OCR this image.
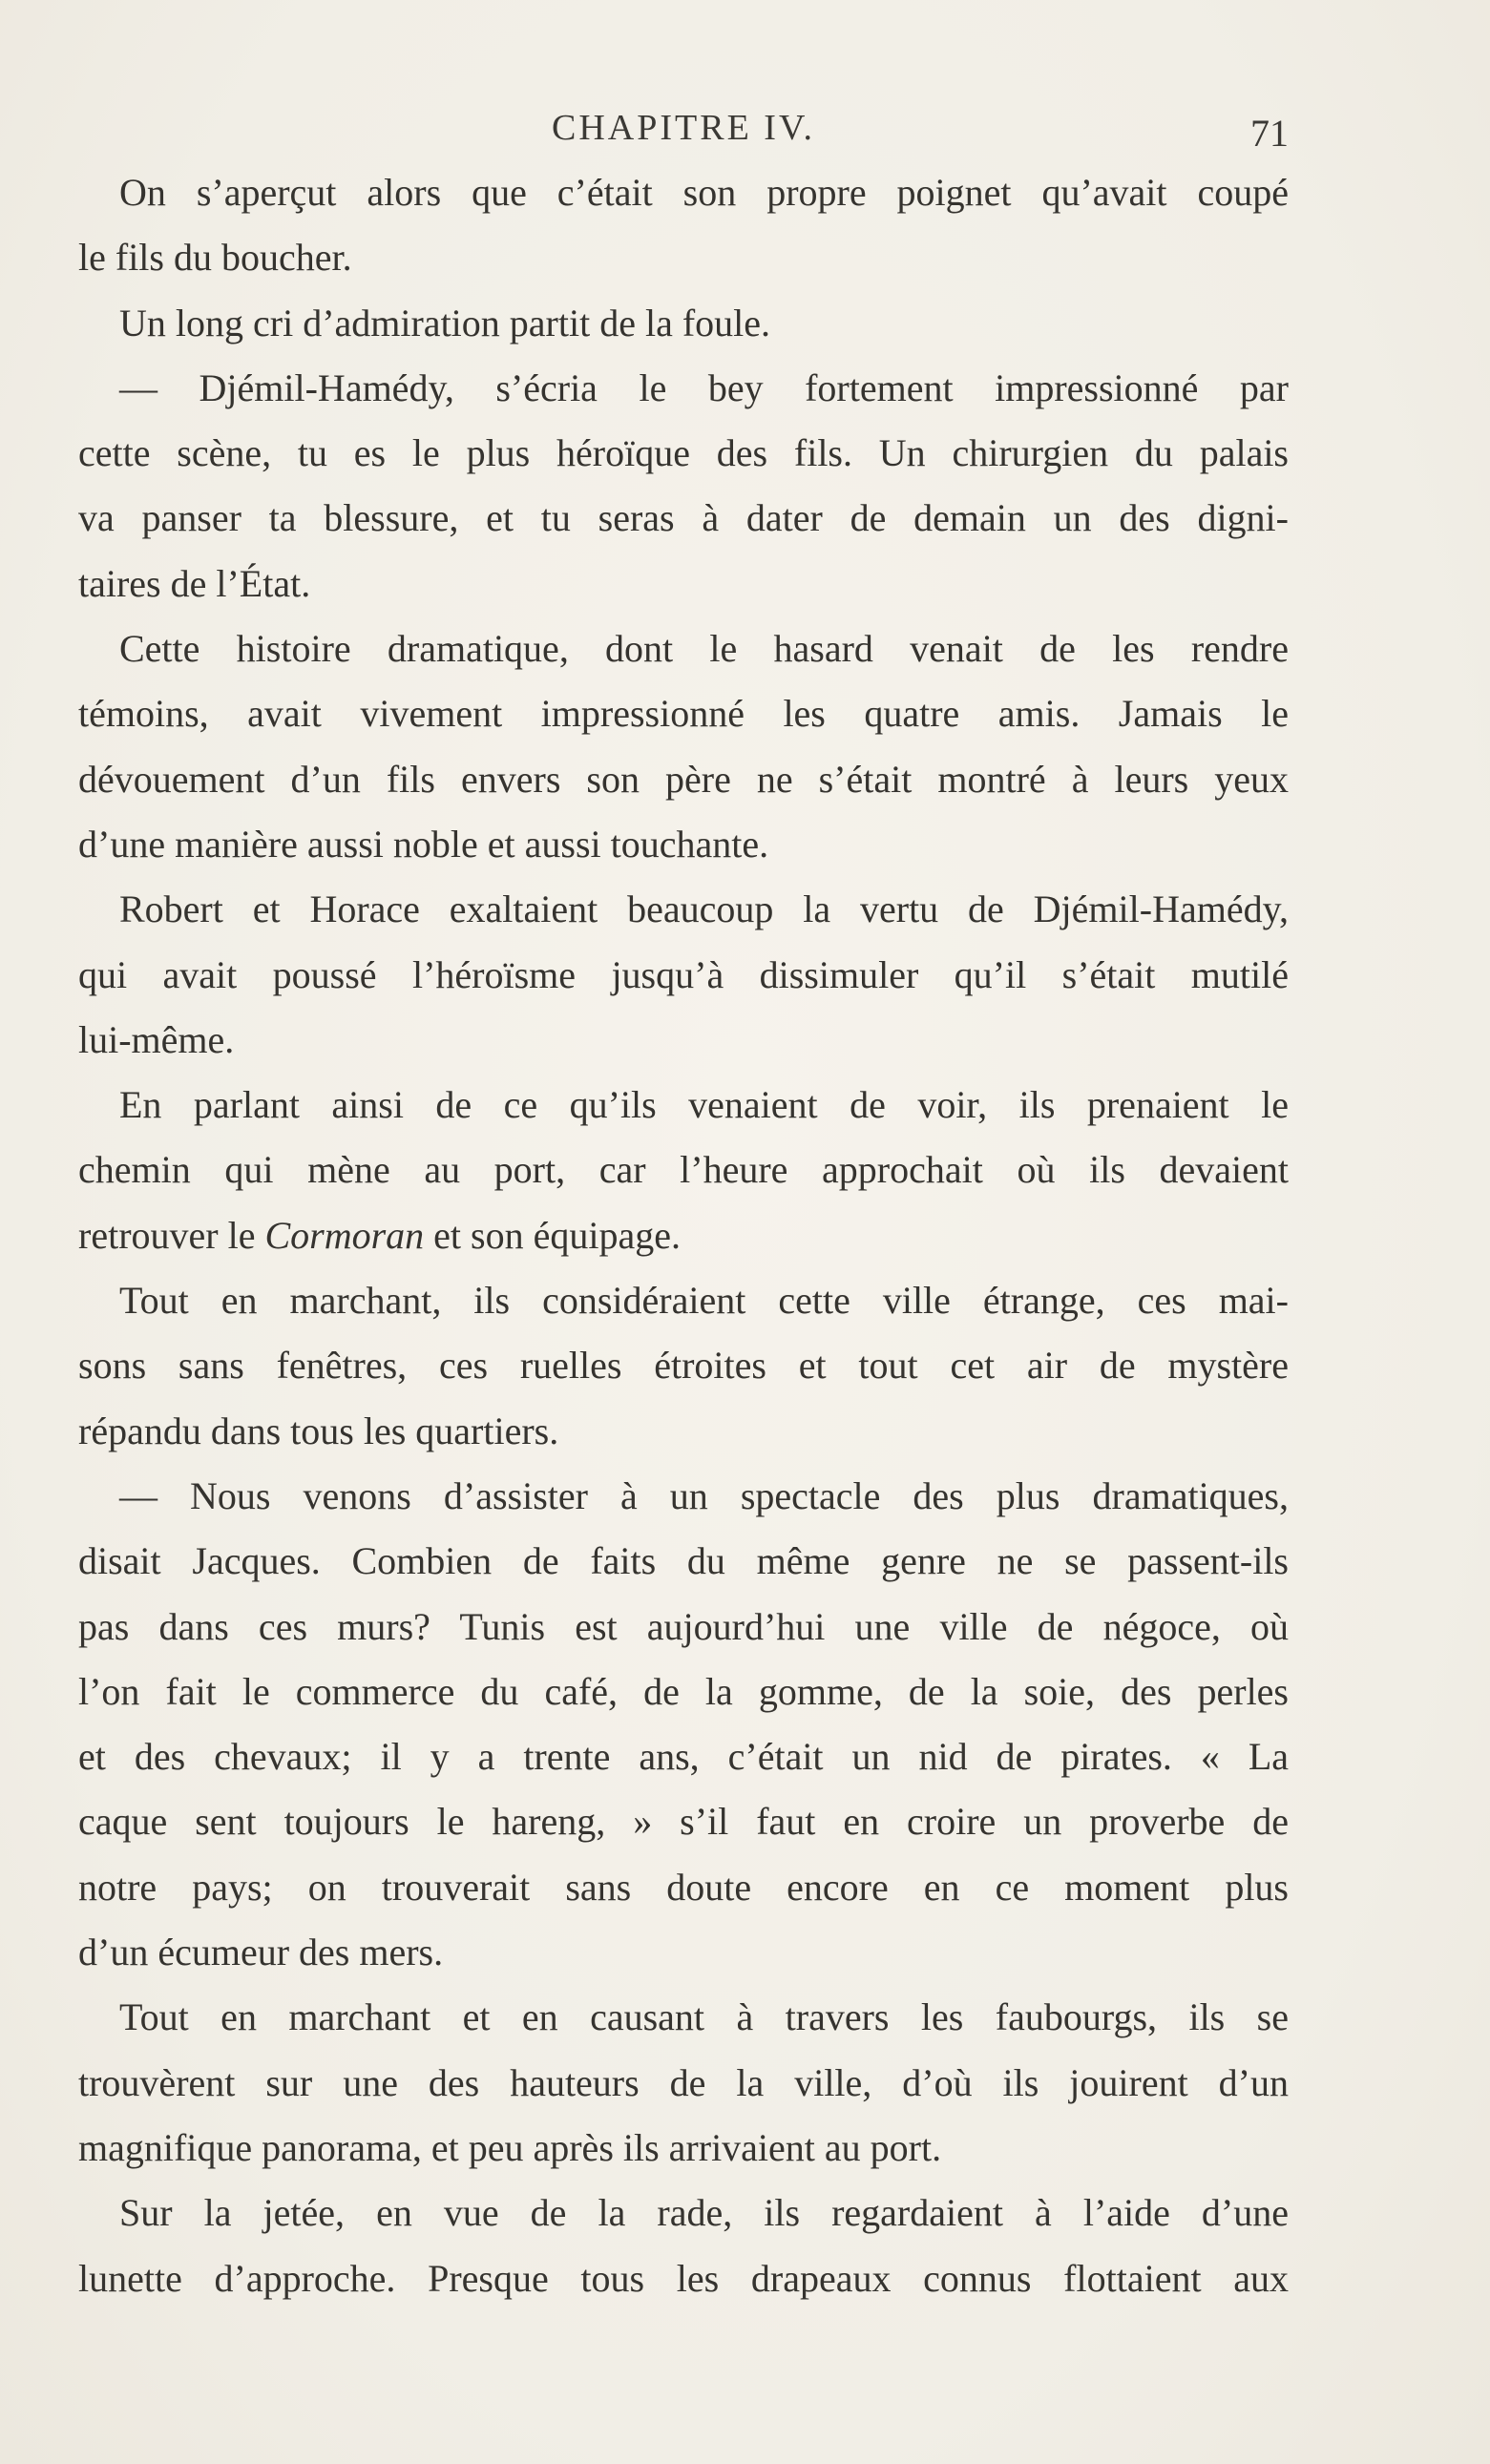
CHAPITRE IV.	71
On s’aperçut alors que c’était son propre poignet qu’avait coupé
le fils du boucher.
Un long cri d’admiration partit de la foule.
— Djémil-Hamédy, s’écria le bey fortement impressionné par
cette scène, tu es le plus héroïque des fils. Un chirurgien du palais
va panser ta blessure, et tu seras à dater de demain un des digni-
taires de l’État.
Cette histoire dramatique, dont le hasard venait de les rendre
témoins, avait vivement impressionné les quatre amis. Jamais le
dévouement d’un fils envers son père ne s’était montré à leurs yeux
d’une manière aussi noble et aussi touchante.
Robert et Horace exaltaient beaucoup la vertu de Djémil-Hamédy,
qui avait poussé l’héroïsme jusqu’à dissimuler qu’il s’était mutilé
lui-même.
En parlant ainsi de ce qu’ils venaient de voir, ils prenaient le
chemin qui mène au port, car l’heure approchait où ils devaient
retrouver le Cormoran et son équipage.
Tout en marchant, ils considéraient cette ville étrange, ces mai-
sons sans fenêtres, ces ruelles étroites et tout cet air de mystère
répandu dans tous les quartiers.
— Nous venons d’assister à un spectacle des plus dramatiques,
disait Jacques. Combien de faits du même genre ne se passent-ils
pas dans ces murs? Tunis est aujourd’hui une ville de négoce, où
l’on fait le commerce du café, de la gomme, de la soie, des perles
et des chevaux; il y a trente ans, c’était un nid de pirates. « La
caque sent toujours le hareng, » s’il faut en croire un proverbe de
notre pays; on trouverait sans doute encore en ce moment plus
d’un écumeur des mers.
Tout en marchant et en causant à travers les faubourgs, ils se
trouvèrent sur une des hauteurs de la ville, d’où ils jouirent d’un
magnifique panorama, et peu après ils arrivaient au port.
Sur la jetée, en vue de la rade, ils regardaient à l’aide d’une
lunette d’approche. Presque tous les drapeaux connus flottaient aux
